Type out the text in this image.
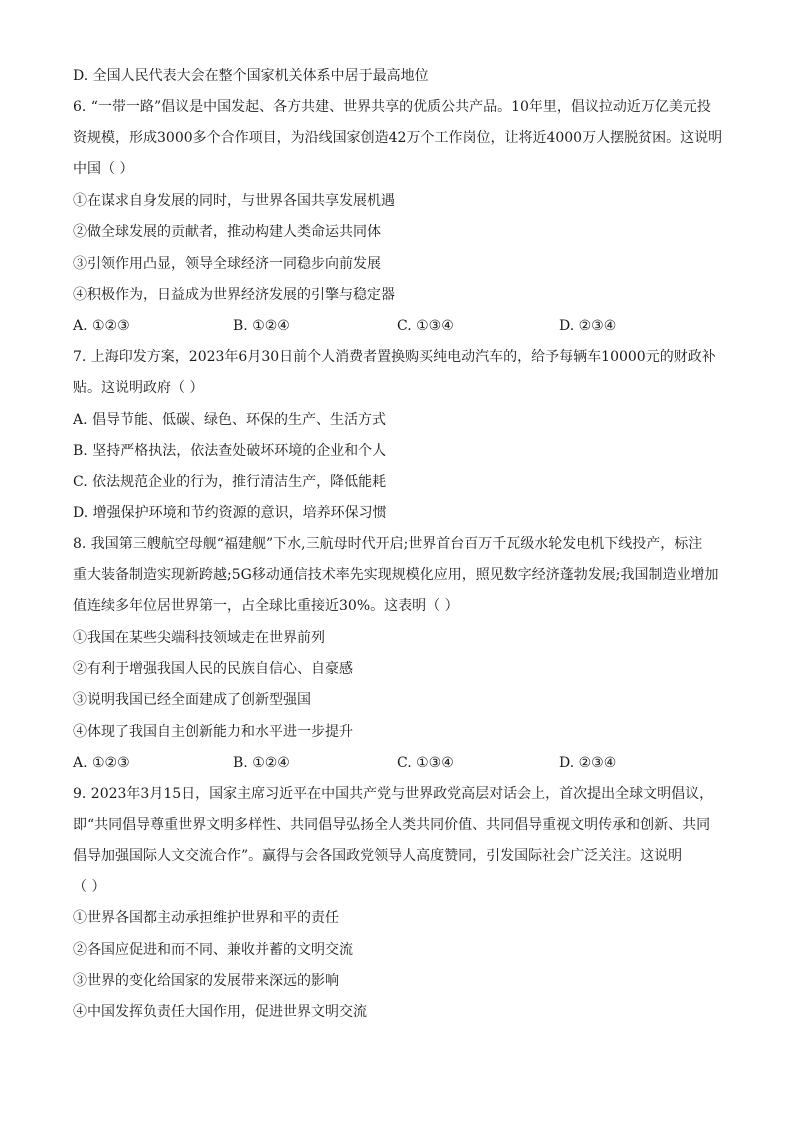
D. 全国人民代表大会在整个国家机关体系中居于最高地位
6. “一带一路”倡议是中国发起、各方共建、世界共享的优质公共产品。10年里，倡议拉动近万亿美元投
资规模，形成3000多个合作项目，为沿线国家创造42万个工作岗位，让将近4000万人摆脱贫困。这说明
中国（ ）
①在谋求自身发展的同时，与世界各国共享发展机遇
②做全球发展的贡献者，推动构建人类命运共同体
③引领作用凸显，领导全球经济一同稳步向前发展
④积极作为，日益成为世界经济发展的引擎与稳定器
A. ①②③	B. ①②④	C. ①③④	D. ②③④
7. 上海印发方案，2023年6月30日前个人消费者置换购买纯电动汽车的，给予每辆车10000元的财政补
贴。这说明政府（ ）
A. 倡导节能、低碳、绿色、环保的生产、生活方式
B. 坚持严格执法，依法查处破坏环境的企业和个人
C. 依法规范企业的行为，推行清洁生产，降低能耗
D. 增强保护环境和节约资源的意识，培养环保习惯
8. 我国第三艘航空母舰“福建舰”下水,三航母时代开启;世界首台百万千瓦级水轮发电机下线投产，标注
重大装备制造实现新跨越;5G移动通信技术率先实现规模化应用，照见数字经济蓬勃发展;我国制造业增加
值连续多年位居世界第一，占全球比重接近30%。这表明（ ）
①我国在某些尖端科技领域走在世界前列
②有利于增强我国人民的民族自信心、自豪感
③说明我国已经全面建成了创新型强国
④体现了我国自主创新能力和水平进一步提升
A. ①②③	B. ①②④	C. ①③④	D. ②③④
9. 2023年3月15日，国家主席习近平在中国共产党与世界政党高层对话会上，首次提出全球文明倡议，
即“共同倡导尊重世界文明多样性、共同倡导弘扬全人类共同价值、共同倡导重视文明传承和创新、共同
倡导加强国际人文交流合作”。赢得与会各国政党领导人高度赞同，引发国际社会广泛关注。这说明
（ ）
①世界各国都主动承担维护世界和平的责任
②各国应促进和而不同、兼收并蓄的文明交流
③世界的变化给国家的发展带来深远的影响
④中国发挥负责任大国作用，促进世界文明交流
